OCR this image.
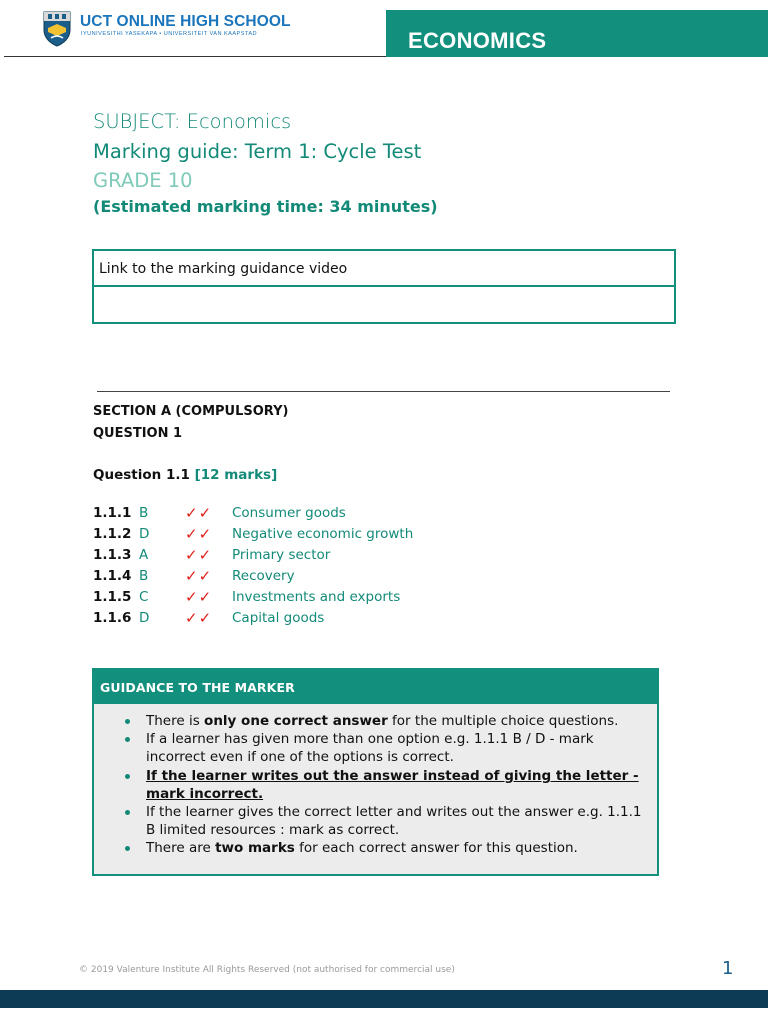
UCT ONLINE HIGH SCHOOL
IYUNIVESITHI YASEKAPA • UNIVERSITEIT VAN KAAPSTAD	ECONOMICS
SUBJECT: Economics
Marking guide: Term 1: Cycle Test
GRADE 10
(Estimated marking time: 34 minutes)
Link to the marking guidance video
SECTION A (COMPULSORY)
QUESTION 1
Question 1.1 [12 marks]
1.1.1 B ✓✓ Consumer goods
1.1.2 D ✓✓ Negative economic growth
1.1.3 A ✓✓ Primary sector
1.1.4 B ✓✓ Recovery
1.1.5 C ✓✓ Investments and exports
1.1.6 D ✓✓ Capital goods
GUIDANCE TO THE MARKER
There is only one correct answer for the multiple choice questions.
If a learner has given more than one option e.g. 1.1.1 B / D - mark incorrect even if one of the options is correct.
If the learner writes out the answer instead of giving the letter - mark incorrect.
If the learner gives the correct letter and writes out the answer e.g. 1.1.1 B limited resources : mark as correct.
There are two marks for each correct answer for this question.
© 2019 Valenture Institute All Rights Reserved (not authorised for commercial use)	1
